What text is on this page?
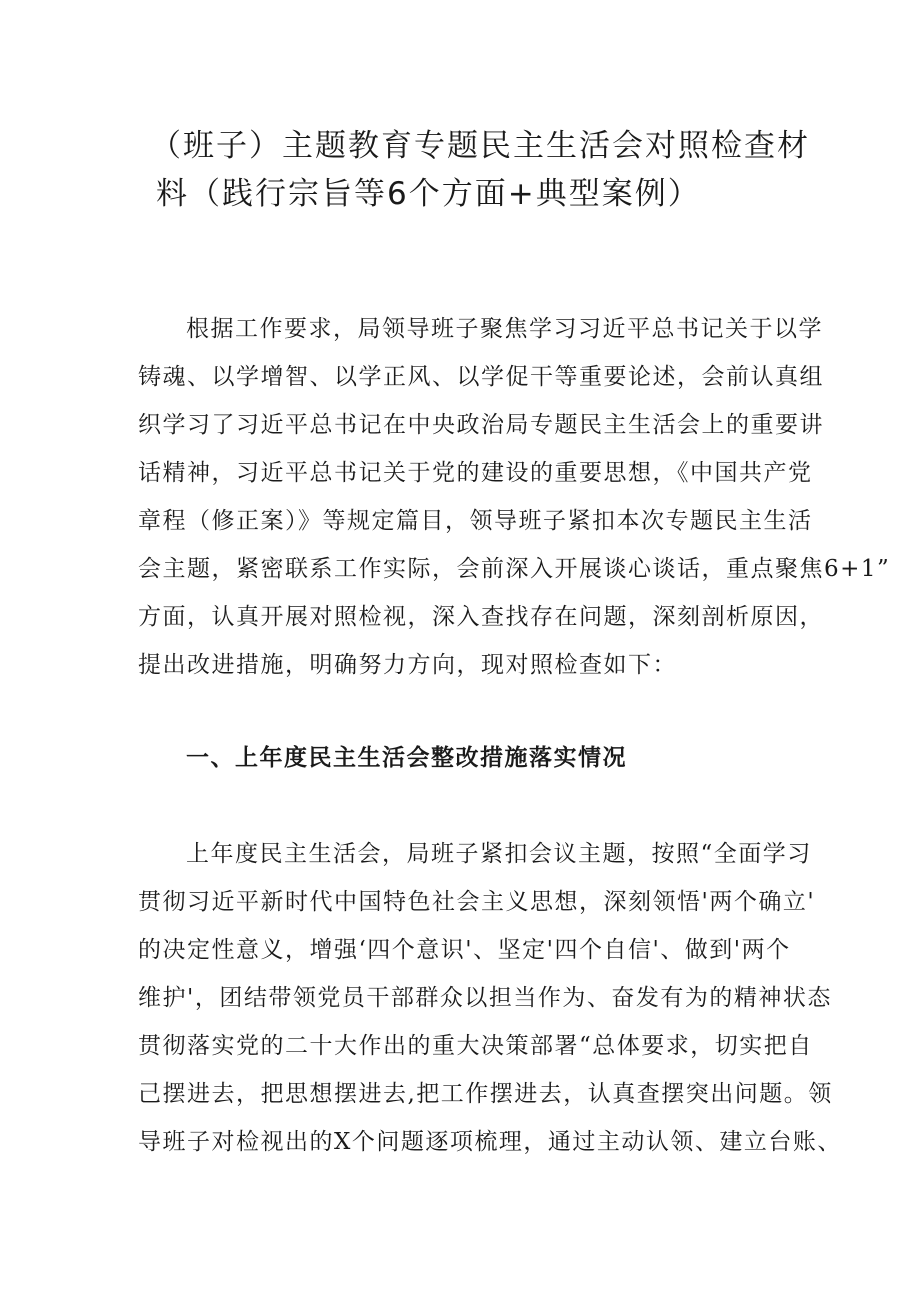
（班子）主题教育专题民主生活会对照检查材
料（践行宗旨等6个方面+典型案例）
根据工作要求，局领导班子聚焦学习习近平总书记关于以学
铸魂、以学增智、以学正风、以学促干等重要论述，会前认真组
织学习了习近平总书记在中央政治局专题民主生活会上的重要讲
话精神，习近平总书记关于党的建设的重要思想，《中国共产党
章程（修正案）》等规定篇目，领导班子紧扣本次专题民主生活
会主题，紧密联系工作实际，会前深入开展谈心谈话，重点聚焦6+1”
方面，认真开展对照检视，深入查找存在问题，深刻剖析原因，
提出改进措施，明确努力方向，现对照检查如下：
一、上年度民主生活会整改措施落实情况
上年度民主生活会，局班子紧扣会议主题，按照“全面学习
贯彻习近平新时代中国特色社会主义思想，深刻领悟'两个确立'
的决定性意义，增强‘四个意识'、坚定'四个自信'、做到'两个
维护'，团结带领党员干部群众以担当作为、奋发有为的精神状态
贯彻落实党的二十大作出的重大决策部署“总体要求，切实把自
己摆进去，把思想摆进去,把工作摆进去，认真查摆突出问题。领
导班子对检视出的X个问题逐项梳理，通过主动认领、建立台账、
